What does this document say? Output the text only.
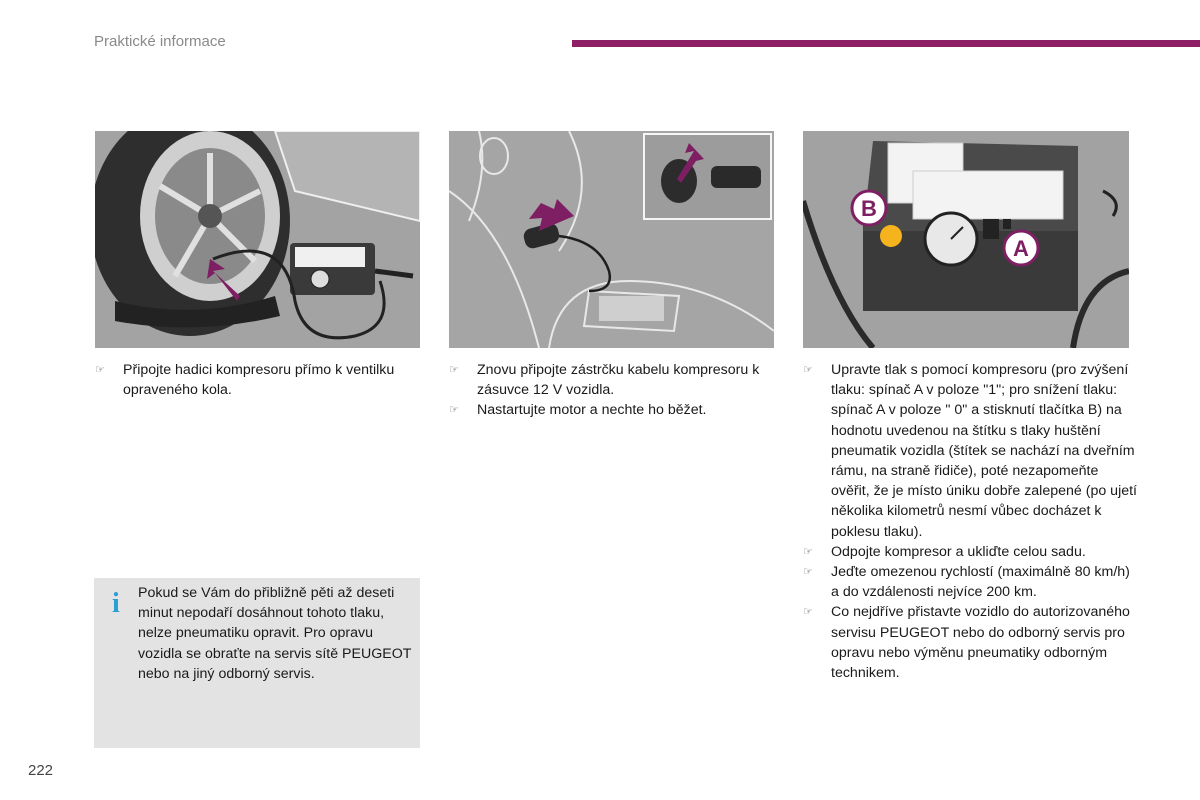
Praktické informace
B
A

☞ Připojte hadici kompresoru přímo k ventilku opraveného kola.

☞ Znovu připojte zástrčku kabelu kompresoru k zásuvce 12 V vozidla.

☞ Nastartujte motor a nechte ho běžet.

☞ Upravte tlak s pomocí kompresoru (pro zvýšení tlaku: spínač A v poloze "1"; pro snížení tlaku: spínač A v poloze " 0" a stisknutí tlačítka B) na hodnotu uvedenou na štítku s tlaky huštění pneumatik vozidla (štítek se nachází na dveřním rámu, na straně řidiče), poté nezapomeňte ověřit, že je místo úniku dobře zalepené (po ujetí několika kilometrů nesmí vůbec docházet k poklesu tlaku).

☞ Odpojte kompresor a ukliďte celou sadu.

☞ Jeďte omezenou rychlostí (maximálně 80 km/h) a do vzdálenosti nejvíce 200 km.

☞ Co nejdříve přistavte vozidlo do autorizovaného servisu PEUGEOT nebo do odborný servis pro opravu nebo výměnu pneumatiky odborným technikem.

i Pokud se Vám do přibližně pěti až deseti minut nepodaří dosáhnout tohoto tlaku, nelze pneumatiku opravit. Pro opravu vozidla se obraťte na servis sítě PEUGEOT nebo na jiný odborný servis.
222
